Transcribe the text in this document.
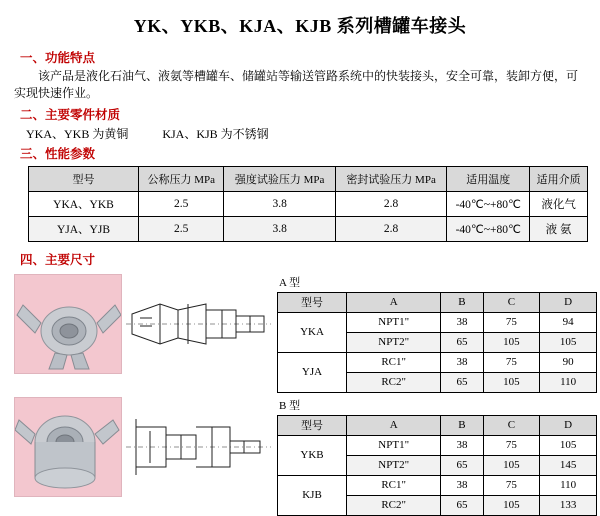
YK、YKB、KJA、KJB 系列槽罐车接头
一、功能特点
该产品是液化石油气、液氨等槽罐车、储罐站等输送管路系统中的快装接头，安全可靠，装卸方便，可实现快速作业。
二、主要零件材质
YKA、YKB 为黄铜	KJA、KJB 为不锈钢
三、性能参数
型号	公称压力 MPa	强度试验压力 MPa	密封试验压力 MPa	适用温度	适用介质
YKA、YKB	2.5	3.8	2.8	-40℃~+80℃	液化气
YJA、YJB	2.5	3.8	2.8	-40℃~+80℃	液 氨
四、主要尺寸
A 型
型号	A	B	C	D
YKA	NPT1"	38	75	94
	NPT2"	65	105	105
YJA	RC1"	38	75	90
	RC2"	65	105	110
B 型
型号	A	B	C	D
YKB	NPT1"	38	75	105
	NPT2"	65	105	145
KJB	RC1"	38	75	110
	RC2"	65	105	133
